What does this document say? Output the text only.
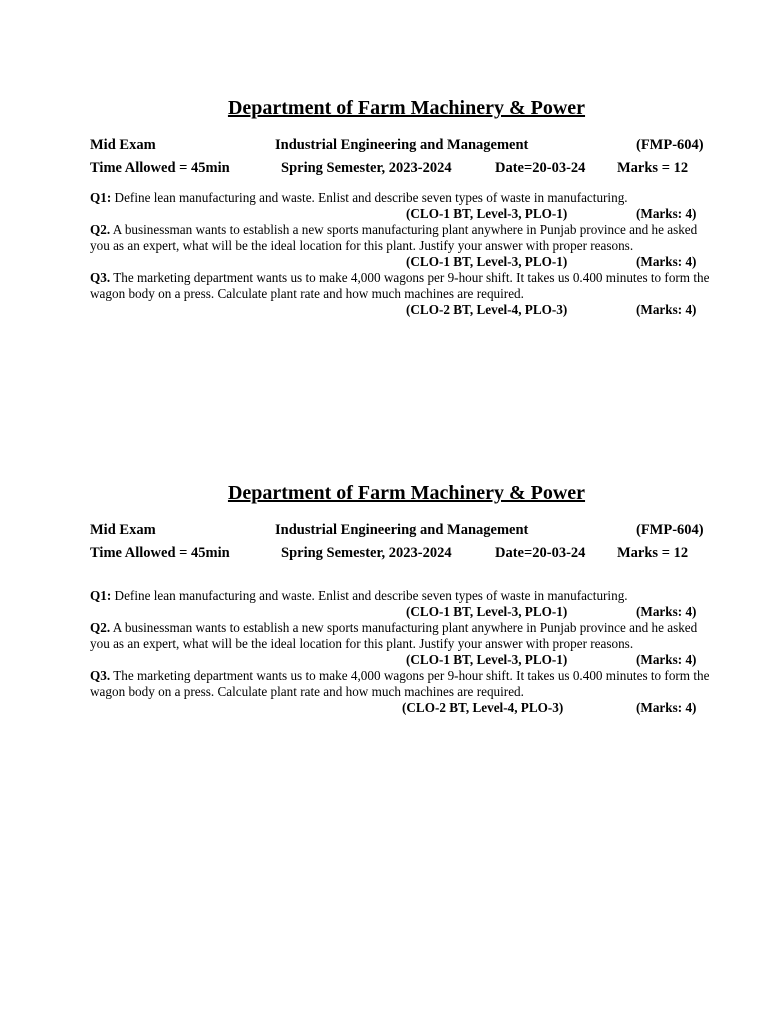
Department of Farm Machinery & Power
Mid Exam	Industrial Engineering and Management	(FMP-604)
Time Allowed = 45min	Spring Semester, 2023-2024	Date=20-03-24 Marks = 12

Q1: Define lean manufacturing and waste. Enlist and describe seven types of waste in manufacturing.

(CLO-1 BT, Level-3, PLO-1)	(Marks: 4)

Q2. A businessman wants to establish a new sports manufacturing plant anywhere in Punjab province and he asked you as an expert, what will be the ideal location for this plant. Justify your answer with proper reasons.

(CLO-1 BT, Level-3, PLO-1)	(Marks: 4)

Q3. The marketing department wants us to make 4,000 wagons per 9-hour shift. It takes us 0.400 minutes to form the wagon body on a press. Calculate plant rate and how much machines are required.

(CLO-2 BT, Level-4, PLO-3)	(Marks: 4)
Department of Farm Machinery & Power
Mid Exam	Industrial Engineering and Management	(FMP-604)
Time Allowed = 45min	Spring Semester, 2023-2024	Date=20-03-24 Marks = 12

Q1: Define lean manufacturing and waste. Enlist and describe seven types of waste in manufacturing.

(CLO-1 BT, Level-3, PLO-1)	(Marks: 4)

Q2. A businessman wants to establish a new sports manufacturing plant anywhere in Punjab province and he asked you as an expert, what will be the ideal location for this plant. Justify your answer with proper reasons.

(CLO-1 BT, Level-3, PLO-1)	(Marks: 4)

Q3. The marketing department wants us to make 4,000 wagons per 9-hour shift. It takes us 0.400 minutes to form the wagon body on a press. Calculate plant rate and how much machines are required.

(CLO-2 BT, Level-4, PLO-3)	(Marks: 4)
